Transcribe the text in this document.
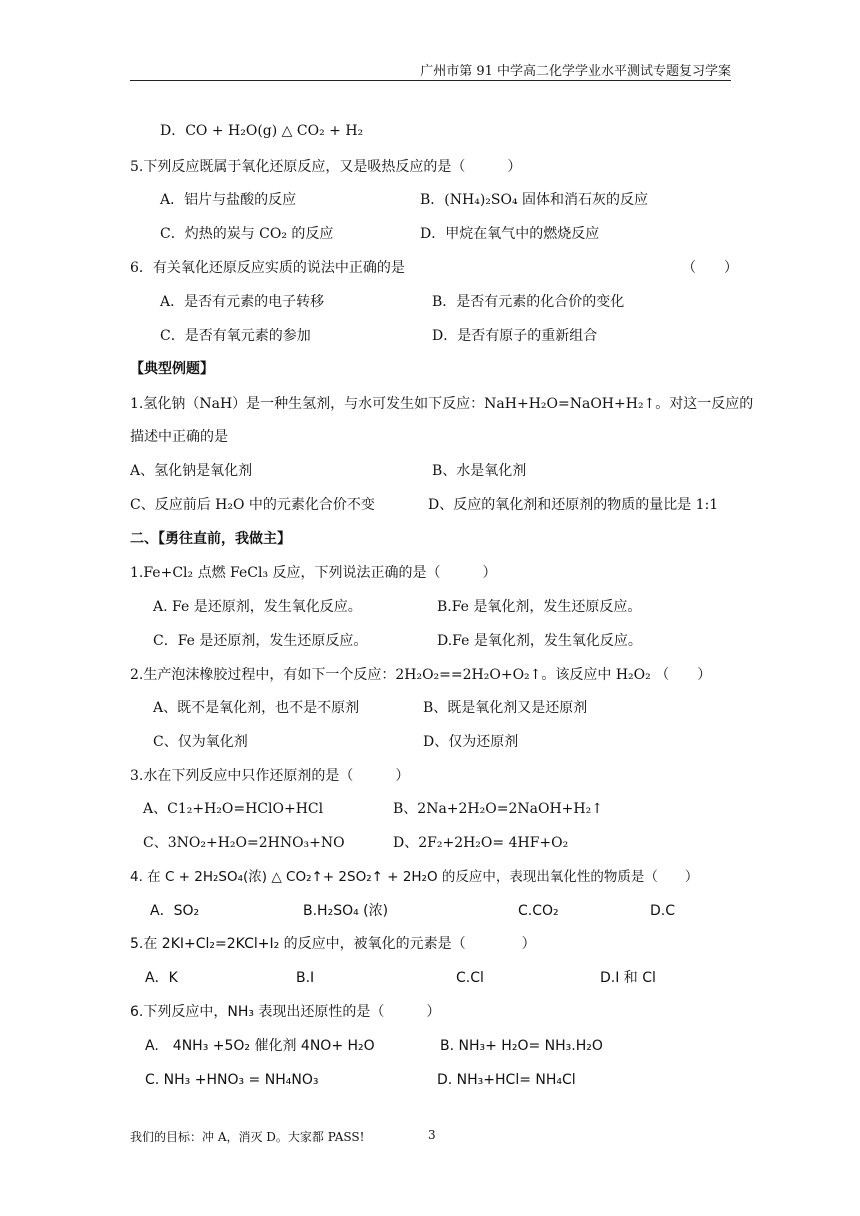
广州市第 91 中学高二化学学业水平测试专题复习学案
D．CO + H₂O(g) △ CO₂ + H₂
5.下列反应既属于氧化还原反应，又是吸热反应的是（　　　）
A．铝片与盐酸的反应	B．(NH₄)₂SO₄ 固体和消石灰的反应
C．灼热的炭与 CO₂ 的反应	D．甲烷在氧气中的燃烧反应
6．有关氧化还原反应实质的说法中正确的是	（　　）
A．是否有元素的电子转移	B．是否有元素的化合价的变化
C．是否有氧元素的参加	D．是否有原子的重新组合
【典型例题】
1.氢化钠（NaH）是一种生氢剂，与水可发生如下反应：NaH+H₂O=NaOH+H₂↑。对这一反应的
描述中正确的是
A、氢化钠是氧化剂	B、水是氧化剂
C、反应前后 H₂O 中的元素化合价不变	D、反应的氧化剂和还原剂的物质的量比是 1:1
二、【勇往直前，我做主】
1.Fe+Cl₂ 点燃 FeCl₃ 反应，下列说法正确的是（　　　）
A. Fe 是还原剂，发生氧化反应。	B.Fe 是氧化剂，发生还原反应。
C．Fe 是还原剂，发生还原反应。	D.Fe 是氧化剂，发生氧化反应。
2.生产泡沫橡胶过程中，有如下一个反应：2H₂O₂==2H₂O+O₂↑。该反应中 H₂O₂ （　　）
A、既不是氧化剂，也不是不原剂	B、既是氧化剂又是还原剂
C、仅为氧化剂	D、仅为还原剂
3.水在下列反应中只作还原剂的是（　　　）
A、C1₂+H₂O=HClO+HCl	B、2Na+2H₂O=2NaOH+H₂↑
C、3NO₂+H₂O=2HNO₃+NO	D、2F₂+2H₂O= 4HF+O₂
4. 在 C + 2H₂SO₄(浓) △ CO₂↑+ 2SO₂↑ + 2H₂O 的反应中，表现出氧化性的物质是（　　）
A．SO₂	B.H₂SO₄ (浓)	C.CO₂	D.C
5.在 2KI+Cl₂=2KCl+I₂ 的反应中，被氧化的元素是（　　　　）
A．K	B.I	C.Cl	D.I 和 Cl
6.下列反应中，NH₃ 表现出还原性的是（　　　）
A.　4NH₃ +5O₂ 催化剂 4NO+ H₂O	B. NH₃+ H₂O= NH₃.H₂O
C. NH₃ +HNO₃ = NH₄NO₃	D. NH₃+HCl= NH₄Cl
我们的目标：冲 A，消灭 D。大家都 PASS!	3
